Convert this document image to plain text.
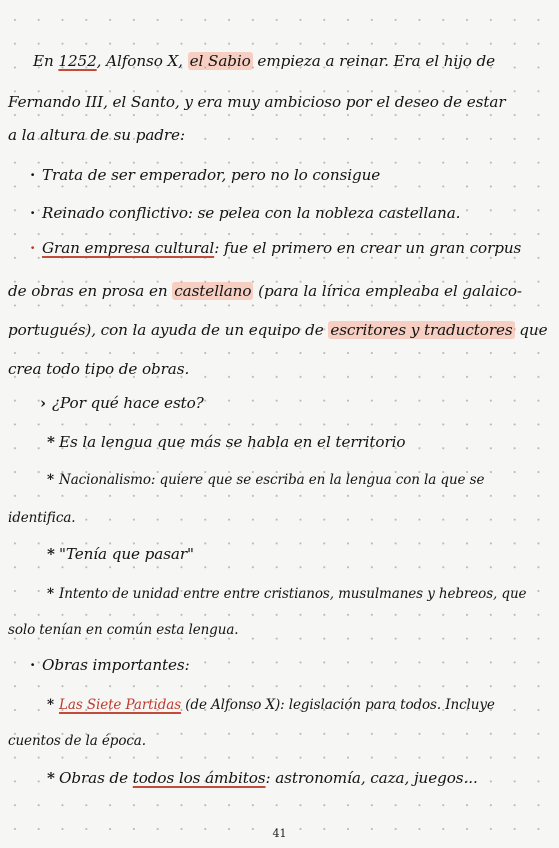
En 1252, Alfonso X, el Sabio empieza a reinar. Era el hijo de
Fernando III, el Santo, y era muy ambicioso por el deseo de estar
a la altura de su padre:
· Trata de ser emperador, pero no lo consigue
· Reinado conflictivo: se pelea con la nobleza castellana.
· Gran empresa cultural: fue el primero en crear un gran corpus
de obras en prosa en castellano (para la lírica empleaba el galaico-
portugués), con la ayuda de un equipo de escritores y traductores que
crea todo tipo de obras.
› ¿Por qué hace esto?
* Es la lengua que más se habla en el territorio
* Nacionalismo: quiere que se escriba en la lengua con la que se
identifica.
* "Tenía que pasar"
* Intento de unidad entre entre cristianos, musulmanes y hebreos, que
solo tenían en común esta lengua.
· Obras importantes:
* Las Siete Partidas (de Alfonso X): legislación para todos. Incluye
cuentos de la época.
* Obras de todos los ámbitos: astronomía, caza, juegos...
41
